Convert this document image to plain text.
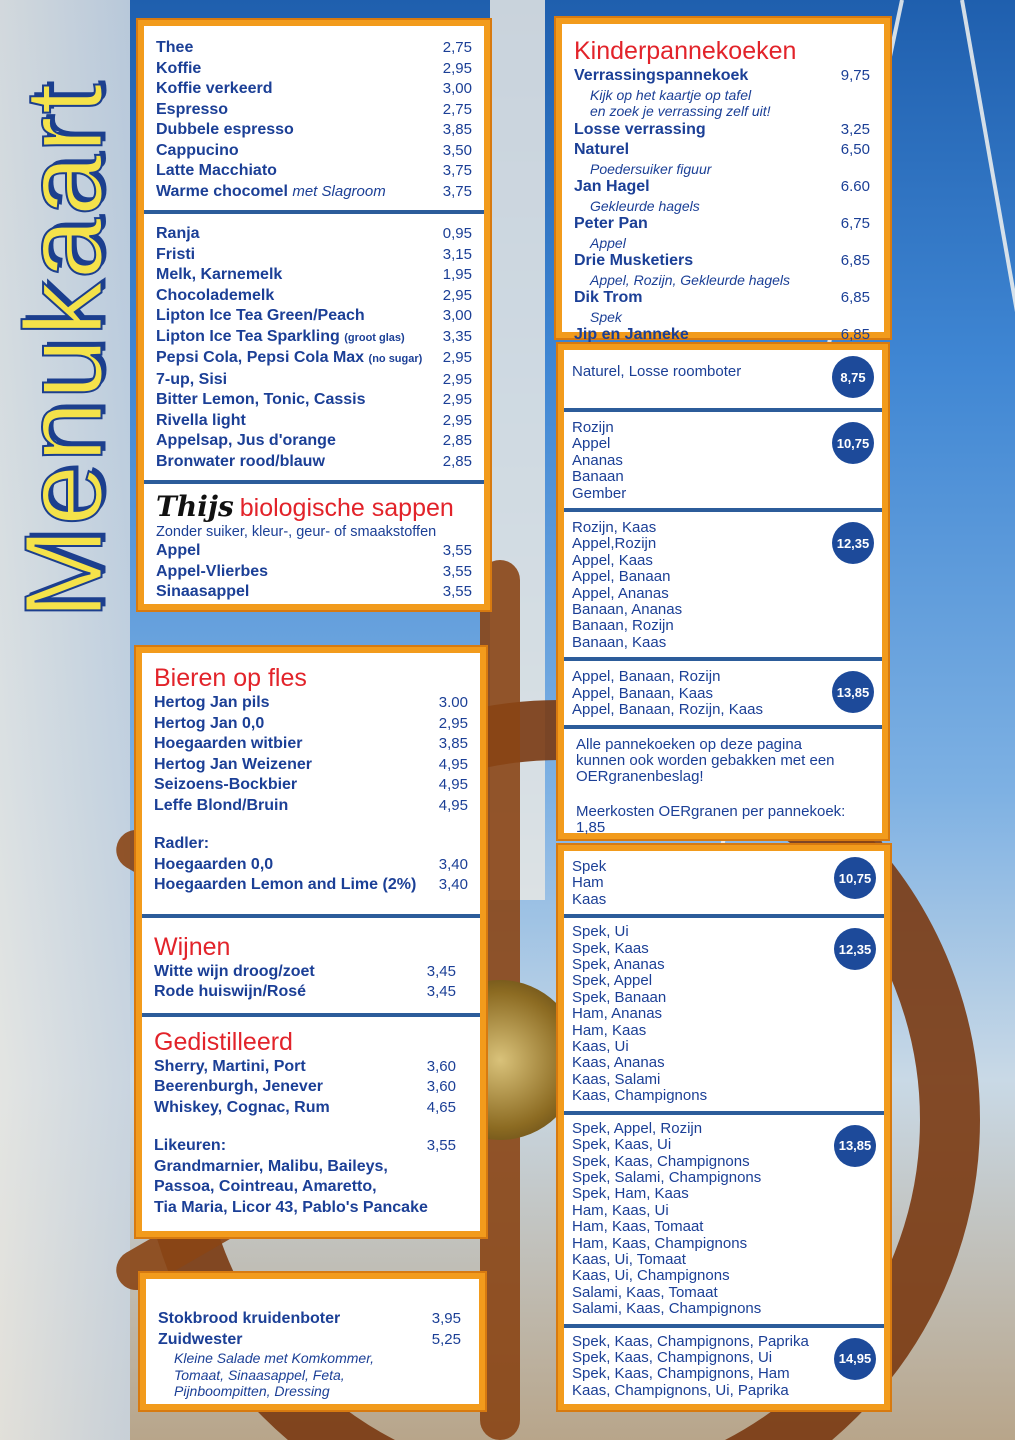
Menukaart
Thee	2,75
Koffie	2,95
Koffie verkeerd	3,00
Espresso	2,75
Dubbele espresso	3,85
Cappucino	3,50
Latte Macchiato	3,75
Warme chocomel met Slagroom	3,75
Ranja	0,95
Fristi	3,15
Melk, Karnemelk	1,95
Chocolademelk	2,95
Lipton Ice Tea Green/Peach	3,00
Lipton Ice Tea Sparkling (groot glas)	3,35
Pepsi Cola, Pepsi Cola Max (no sugar) 2,95
7-up, Sisi	2,95
Bitter Lemon, Tonic, Cassis	2,95
Rivella light	2,95
Appelsap, Jus d'orange	2,85
Bronwater rood/blauw	2,85
Thijs biologische sappen
Zonder suiker, kleur-, geur- of smaakstoffen
Appel	3,55
Appel-Vlierbes	3,55
Sinaasappel	3,55
Bieren op fles
Hertog Jan pils	3.00
Hertog Jan 0,0	2,95
Hoegaarden witbier	3,85
Hertog Jan Weizener	4,95
Seizoens-Bockbier	4,95
Leffe Blond/Bruin	4,95
Radler:
Hoegaarden 0,0	3,40
Hoegaarden Lemon and Lime (2%) 3,40
Wijnen
Witte wijn droog/zoet	3,45
Rode huiswijn/Rosé	3,45
Gedistilleerd
Sherry, Martini, Port	3,60
Beerenburgh, Jenever	3,60
Whiskey, Cognac, Rum	4,65
Likeuren:	3,55
Grandmarnier, Malibu, Baileys,
Passoa, Cointreau, Amaretto,
Tia Maria, Licor 43, Pablo's Pancake
Stokbrood kruidenboter	3,95
Zuidwester	5,25
Kleine Salade met Komkommer,
Tomaat, Sinaasappel, Feta,
Pijnboompitten, Dressing
Kinderpannekoeken
Verrassingspannekoek	9,75
Kijk op het kaartje op tafel
en zoek je verrassing zelf uit!
Losse verrassing	3,25
Naturel	6,50
Poedersuiker figuur
Jan Hagel	6.60
Gekleurde hagels
Peter Pan	6,75
Appel
Drie Musketiers	6,85
Appel, Rozijn, Gekleurde hagels
Dik Trom	6,85
Spek
Jip en Janneke	6,85
Naturel, Losse roomboter	8,75
Rozijn
Appel
Ananas
Banaan
Gember
10,75
Rozijn, Kaas
Appel,Rozijn
Appel, Kaas
Appel, Banaan
Appel, Ananas
Banaan, Ananas
Banaan, Rozijn
Banaan, Kaas
12,35
Appel, Banaan, Rozijn
Appel, Banaan, Kaas
Appel, Banaan, Rozijn, Kaas
13,85
Alle pannekoeken op deze pagina
kunnen ook worden gebakken met een
OERgranenbeslag!
Meerkosten OERgranen per pannekoek:
1,85
Spek
Ham
Kaas
10,75
Spek, Ui
Spek, Kaas
Spek, Ananas
Spek, Appel
Spek, Banaan
Ham, Ananas
Ham, Kaas
Kaas, Ui
Kaas, Ananas
Kaas, Salami
Kaas, Champignons
12,35
Spek, Appel, Rozijn
Spek, Kaas, Ui
Spek, Kaas, Champignons
Spek, Salami, Champignons
Spek, Ham, Kaas
Ham, Kaas, Ui
Ham, Kaas, Tomaat
Ham, Kaas, Champignons
Kaas, Ui, Tomaat
Kaas, Ui, Champignons
Salami, Kaas, Tomaat
Salami, Kaas, Champignons
13,85
Spek, Kaas, Champignons, Paprika
Spek, Kaas, Champignons, Ui
Spek, Kaas, Champignons, Ham
Kaas, Champignons, Ui, Paprika
14,95
